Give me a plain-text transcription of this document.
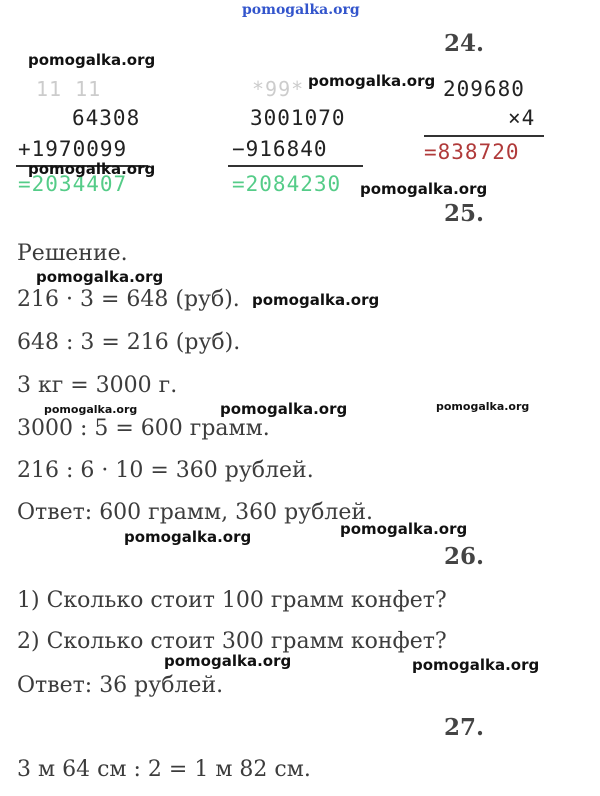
pomogalka.org
24.
11 11
64308
+1970099
=2034407
*99*
3001070
−916840
=2084230
209680
×4
=838720
25.
Решение.
216 · 3 = 648 (руб).
648 : 3 = 216 (руб).
3 кг = 3000 г.
3000 : 5 = 600 грамм.
216 : 6 · 10 = 360 рублей.
Ответ: 600 грамм, 360 рублей.
26.
1) Сколько стоит 100 грамм конфет?
2) Сколько стоит 300 грамм конфет?
Ответ: 36 рублей.
27.
3 м 64 см : 2 = 1 м 82 см.
pomogalka.org
pomogalka.org
pomogalka.org
pomogalka.org
pomogalka.org
pomogalka.org
pomogalka.org	pomogalka.org	pomogalka.org
pomogalka.org
pomogalka.org
pomogalka.org	pomogalka.org
